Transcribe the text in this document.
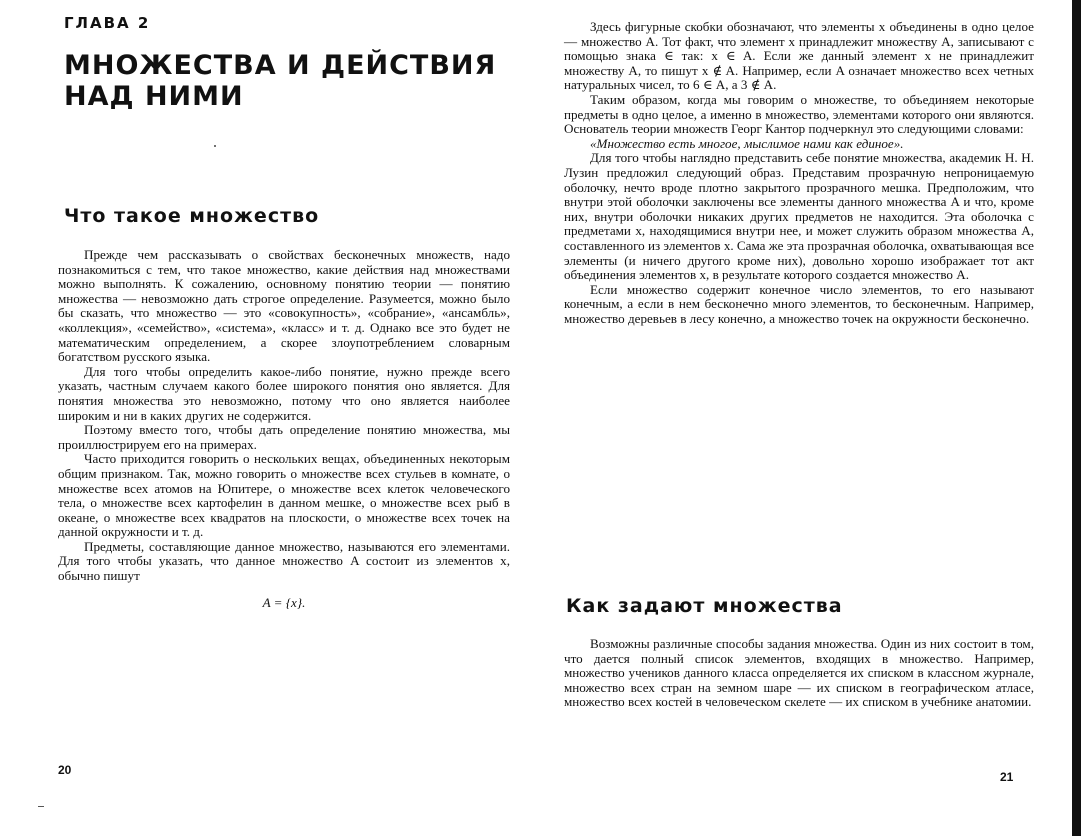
ГЛАВА 2
МНОЖЕСТВА И ДЕЙСТВИЯ НАД НИМИ
Что такое множество

Прежде чем рассказывать о свойствах бесконечных множеств, надо познакомиться с тем, что такое множество, какие действия над множествами можно выполнять. К сожалению, основному понятию теории — понятию множества — невозможно дать строгое определение. Разумеется, можно было бы сказать, что множество — это «совокупность», «собрание», «ансамбль», «коллекция», «семейство», «система», «класс» и т. д. Однако все это будет не математическим определением, а скорее злоупотреблением словарным богатством русского языка.

Для того чтобы определить какое-либо понятие, нужно прежде всего указать, частным случаем какого более широкого понятия оно является. Для понятия множества это невозможно, потому что оно является наиболее широким и ни в каких других не содержится.

Поэтому вместо того, чтобы дать определение понятию множества, мы проиллюстрируем его на примерах.

Часто приходится говорить о нескольких вещах, объединенных некоторым общим признаком. Так, можно говорить о множестве всех стульев в комнате, о множестве всех атомов на Юпитере, о множестве всех клеток человеческого тела, о множестве всех картофелин в данном мешке, о множестве всех рыб в океане, о множестве всех квадратов на плоскости, о множестве всех точек на данной окружности и т. д.

Предметы, составляющие данное множество, называются его элементами. Для того чтобы указать, что данное множество A состоит из элементов x, обычно пишут

A = {x}.

20

Здесь фигурные скобки обозначают, что элементы x объединены в одно целое — множество A. Тот факт, что элемент x принадлежит множеству A, записывают с помощью знака ∈ так: x ∈ A. Если же данный элемент x не принадлежит множеству A, то пишут x ∉ A. Например, если A означает множество всех четных натуральных чисел, то 6 ∈ A, а 3 ∉ A.

Таким образом, когда мы говорим о множестве, то объединяем некоторые предметы в одно целое, а именно в множество, элементами которого они являются. Основатель теории множеств Георг Кантор подчеркнул это следующими словами:

«Множество есть многое, мыслимое нами как единое».

Для того чтобы наглядно представить себе понятие множества, академик Н. Н. Лузин предложил следующий образ. Представим прозрачную непроницаемую оболочку, нечто вроде плотно закрытого прозрачного мешка. Предположим, что внутри этой оболочки заключены все элементы данного множества A и что, кроме них, внутри оболочки никаких других предметов не находится. Эта оболочка с предметами x, находящимися внутри нее, и может служить образом множества A, составленного из элементов x. Сама же эта прозрачная оболочка, охватывающая все элементы (и ничего другого кроме них), довольно хорошо изображает тот акт объединения элементов x, в результате которого создается множество A.

Если множество содержит конечное число элементов, то его называют конечным, а если в нем бесконечно много элементов, то бесконечным. Например, множество деревьев в лесу конечно, а множество точек на окружности бесконечно.

Как задают множества

Возможны различные способы задания множества. Один из них состоит в том, что дается полный список элементов, входящих в множество. Например, множество учеников данного класса определяется их списком в классном журнале, множество всех стран на земном шаре — их списком в географическом атласе, множество всех костей в человеческом скелете — их списком в учебнике анатомии.

21
